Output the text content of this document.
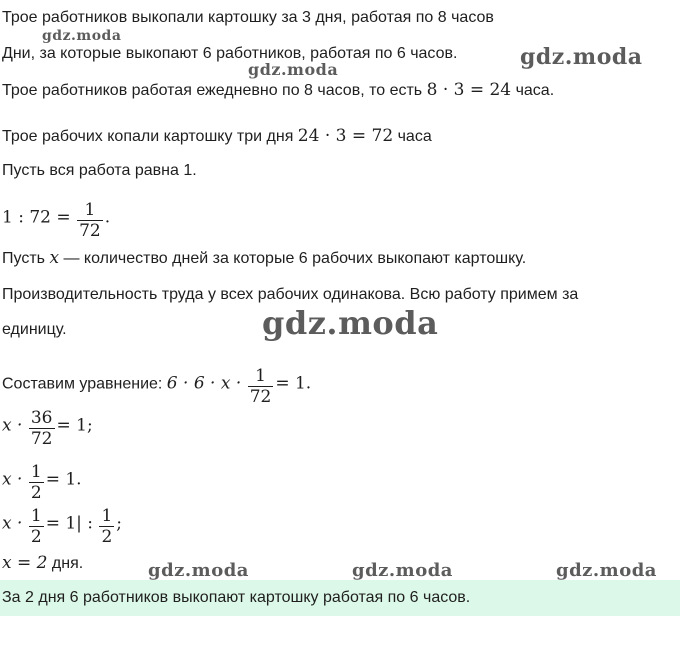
Трое работников выкопали картошку за 3 дня, работая по 8 часов
Дни, за которые выкопают 6 работников, работая по 6 часов.
Трое работников работая ежедневно по 8 часов, то есть 8 · 3 = 24 часа.
Трое рабочих копали картошку три дня 24 · 3 = 72 часа
Пусть вся работа равна 1.
1 : $72 = \frac{1}{72}$ .
Пусть x — количество дней за которые 6 рабочих выкопают картошку.
Производительность труда у всех рабочих одинакова. Всю работу примем за
единицу.
Составим уравнение: $6 \cdot 6 \cdot x \cdot \frac{1}{72} = 1$.
$x \cdot \frac{36}{72} = 1$;
$x \cdot \frac{1}{2} = 1$.
$x \cdot \frac{1}{2} = 1|$ : $\frac{1}{2}$ ;
x = 2 дня.
За 2 дня 6 работников выкопают картошку работая по 6 часов.
gdz.moda
gdz.moda	gdz.moda
gdz.moda
gdz.moda	gdz.moda	gdz.moda
